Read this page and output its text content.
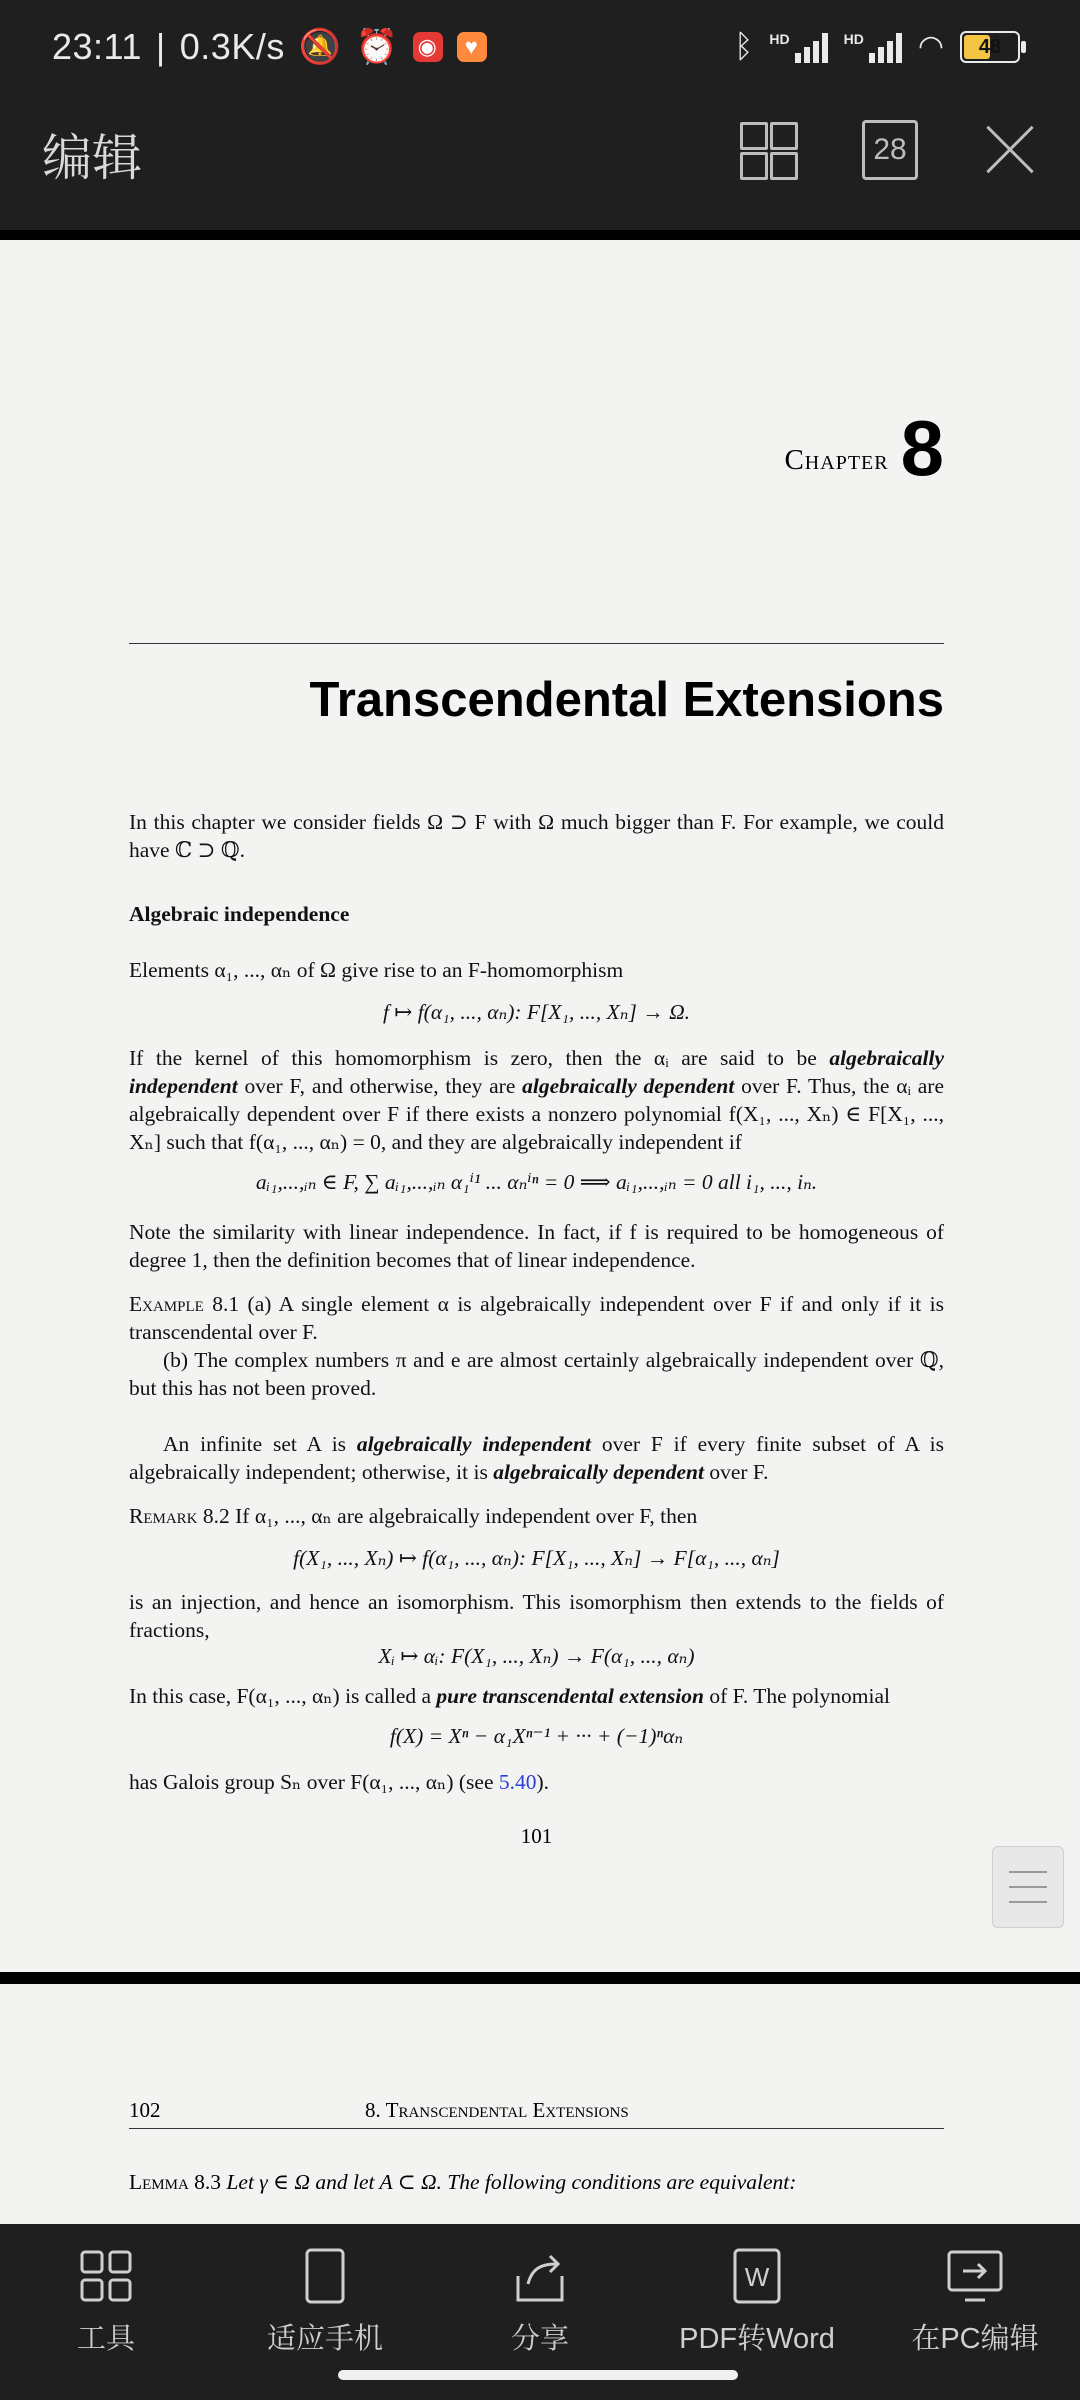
23:11 | 0.3K/s 🔕 ⏰ ◉	♥	ᛒ HD	HD ◠	48
编辑	28
Chapter 8
Transcendental Extensions
In this chapter we consider fields Ω ⊃ F with Ω much bigger than F. For example, we could have ℂ ⊃ ℚ.
Algebraic independence
Elements α₁, ..., αₙ of Ω give rise to an F-homomorphism
f ↦ f(α₁, ..., αₙ): F[X₁, ..., Xₙ] → Ω.
If the kernel of this homomorphism is zero, then the αᵢ are said to be algebraically independent over F, and otherwise, they are algebraically dependent over F. Thus, the αᵢ are algebraically dependent over F if there exists a nonzero polynomial f(X₁, ..., Xₙ) ∈ F[X₁, ..., Xₙ] such that f(α₁, ..., αₙ) = 0, and they are algebraically independent if
aᵢ₁,...,ᵢₙ ∈ F, ∑ aᵢ₁,...,ᵢₙ α₁ⁱ¹ ... αₙⁱⁿ = 0 ⟹ aᵢ₁,...,ᵢₙ = 0 all i₁, ..., iₙ.
Note the similarity with linear independence. In fact, if f is required to be homogeneous of degree 1, then the definition becomes that of linear independence.
Example 8.1 (a) A single element α is algebraically independent over F if and only if it is transcendental over F.
(b) The complex numbers π and e are almost certainly algebraically independent over ℚ, but this has not been proved.
An infinite set A is algebraically independent over F if every finite subset of A is algebraically independent; otherwise, it is algebraically dependent over F.
Remark 8.2 If α₁, ..., αₙ are algebraically independent over F, then
f(X₁, ..., Xₙ) ↦ f(α₁, ..., αₙ): F[X₁, ..., Xₙ] → F[α₁, ..., αₙ]
is an injection, and hence an isomorphism. This isomorphism then extends to the fields of fractions,
Xᵢ ↦ αᵢ: F(X₁, ..., Xₙ) → F(α₁, ..., αₙ)
In this case, F(α₁, ..., αₙ) is called a pure transcendental extension of F. The polynomial
f(X) = Xⁿ − α₁Xⁿ⁻¹ + ··· + (−1)ⁿαₙ
has Galois group Sₙ over F(α₁, ..., αₙ) (see 5.40).
101
102	8. Transcendental Extensions
Lemma 8.3 Let γ ∈ Ω and let A ⊂ Ω. The following conditions are equivalent:
工具	适应手机	分享
W
PDF转Word	在PC编辑
